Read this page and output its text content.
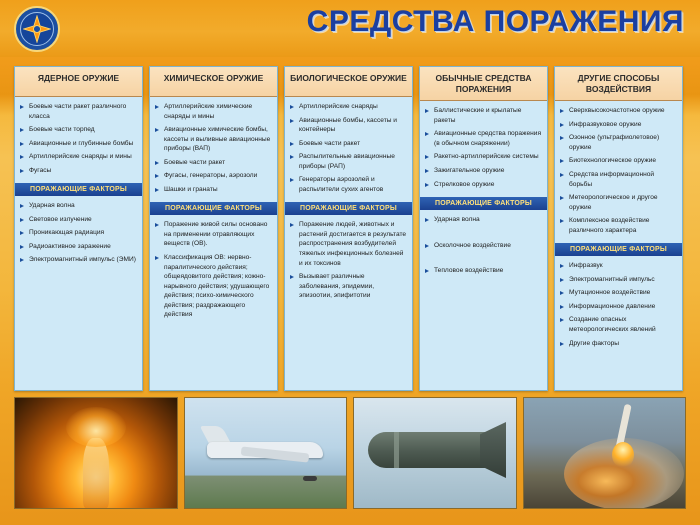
СРЕДСТВА ПОРАЖЕНИЯ
ЯДЕРНОЕ ОРУЖИЕ
Боевые части ракет различного класса
Боевые части торпед
Авиационные и глубинные бомбы
Артиллерийские снаряды и мины
Фугасы
ПОРАЖАЮЩИЕ ФАКТОРЫ
Ударная волна
Световое излучение
Проникающая радиация
Радиоактивное заражение
Электромагнитный импульс (ЭМИ)
ХИМИЧЕСКОЕ ОРУЖИЕ
Артиллерийские химические снаряды и мины
Авиационные химические бомбы, кассеты и выливные авиационные приборы (ВАП)
Боевые части ракет
Фугасы, генераторы, аэрозоли
Шашки и гранаты
ПОРАЖАЮЩИЕ ФАКТОРЫ
Поражение живой силы основано на применении отравляющих веществ (ОВ).
Классификация ОВ: нервно-паралитического действия; общеядовитого действия; кожно-нарывного действия; удушающего действия; психо-химического действия; раздражающего действия
БИОЛОГИЧЕСКОЕ ОРУЖИЕ
Артиллерийские снаряды
Авиационные бомбы, кассеты и контейнеры
Боевые части ракет
Распылительные авиационные приборы (РАП)
Генераторы аэрозолей и распылители сухих агентов
ПОРАЖАЮЩИЕ ФАКТОРЫ
Поражение людей, животных и растений достигается в результате распространения возбудителей тяжелых инфекционных болезней и их токсинов
Вызывает различные заболевания, эпидемии, эпизоотии, эпифитотии
ОБЫЧНЫЕ СРЕДСТВА ПОРАЖЕНИЯ
Баллистические и крылатые ракеты
Авиационные средства поражения (в обычном снаряжении)
Ракетно-артиллерийские системы
Зажигательное оружие
Стрелковое оружие
ПОРАЖАЮЩИЕ ФАКТОРЫ
Ударная волна
Осколочное воздействие
Тепловое воздействие
ДРУГИЕ СПОСОБЫ ВОЗДЕЙСТВИЯ
Сверхвысокочастотное оружие
Инфразвуковое оружие
Озонное (ультрафиолетовое) оружие
Биотехнологическое оружие
Средства информационной борьбы
Метеорологическое и другое оружие
Комплексное воздействие различного характера
ПОРАЖАЮЩИЕ ФАКТОРЫ
Инфразвук
Электромагнитный импульс
Мутационное воздействие
Информационное давление
Создание опасных метеорологических явлений
Другие факторы
